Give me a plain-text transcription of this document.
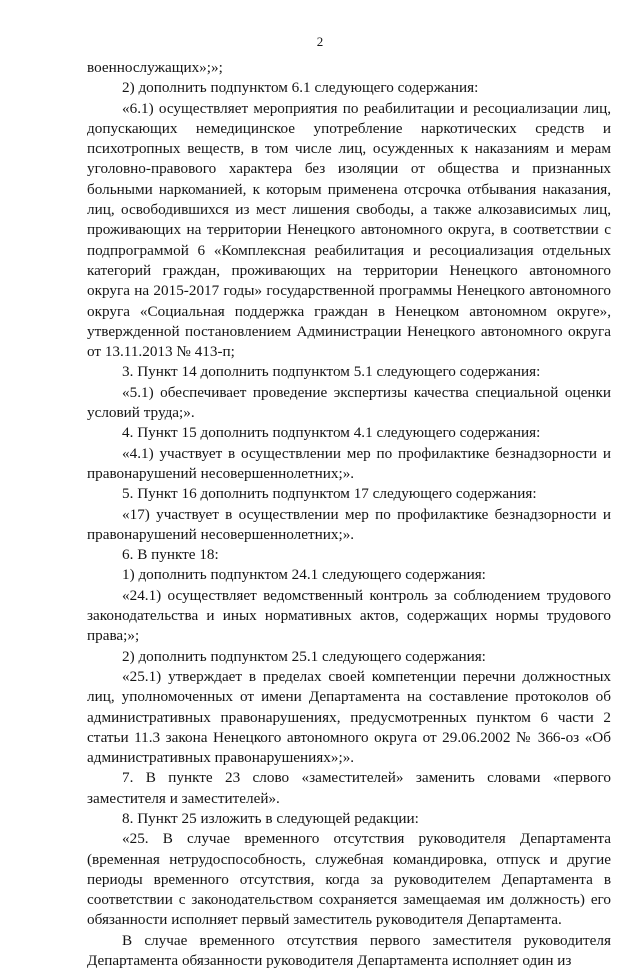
2

военнослужащих»;»;

2) дополнить подпунктом 6.1 следующего содержания:

«6.1) осуществляет мероприятия по реабилитации и ресоциализации лиц, допускающих немедицинское употребление наркотических средств и психотропных веществ, в том числе лиц, осужденных к наказаниям и мерам уголовно-правового характера без изоляции от общества и признанных больными наркоманией, к которым применена отсрочка отбывания наказания, лиц, освободившихся из мест лишения свободы, а также алкозависимых лиц, проживающих на территории Ненецкого автономного округа, в соответствии с подпрограммой 6 «Комплексная реабилитация и ресоциализация отдельных категорий граждан, проживающих на территории Ненецкого автономного округа на 2015-2017 годы» государственной программы Ненецкого автономного округа «Социальная поддержка граждан в Ненецком автономном округе», утвержденной постановлением Администрации Ненецкого автономного округа от 13.11.2013 № 413-п;

3. Пункт 14 дополнить подпунктом 5.1 следующего содержания:

«5.1) обеспечивает проведение экспертизы качества специальной оценки условий труда;».

4. Пункт 15 дополнить подпунктом 4.1 следующего содержания:

«4.1) участвует в осуществлении мер по профилактике безнадзорности и правонарушений несовершеннолетних;».

5. Пункт 16 дополнить подпунктом 17 следующего содержания:

«17) участвует в осуществлении мер по профилактике безнадзорности и правонарушений несовершеннолетних;».

6. В пункте 18:

1) дополнить подпунктом 24.1 следующего содержания:

«24.1) осуществляет ведомственный контроль за соблюдением трудового законодательства и иных нормативных актов, содержащих нормы трудового права;»;

2) дополнить подпунктом 25.1 следующего содержания:

«25.1) утверждает в пределах своей компетенции перечни должностных лиц, уполномоченных от имени Департамента на составление протоколов об административных правонарушениях, предусмотренных пунктом 6 части 2 статьи 11.3 закона Ненецкого автономного округа от 29.06.2002 № 366-оз «Об административных правонарушениях»;».

7. В пункте 23 слово «заместителей» заменить словами «первого заместителя и заместителей».

8. Пункт 25 изложить в следующей редакции:

«25. В случае временного отсутствия руководителя Департамента (временная нетрудоспособность, служебная командировка, отпуск и другие периоды временного отсутствия, когда за руководителем Департамента в соответствии с законодательством сохраняется замещаемая им должность) его обязанности исполняет первый заместитель руководителя Департамента.

В случае временного отсутствия первого заместителя руководителя Департамента обязанности руководителя Департамента исполняет один из
